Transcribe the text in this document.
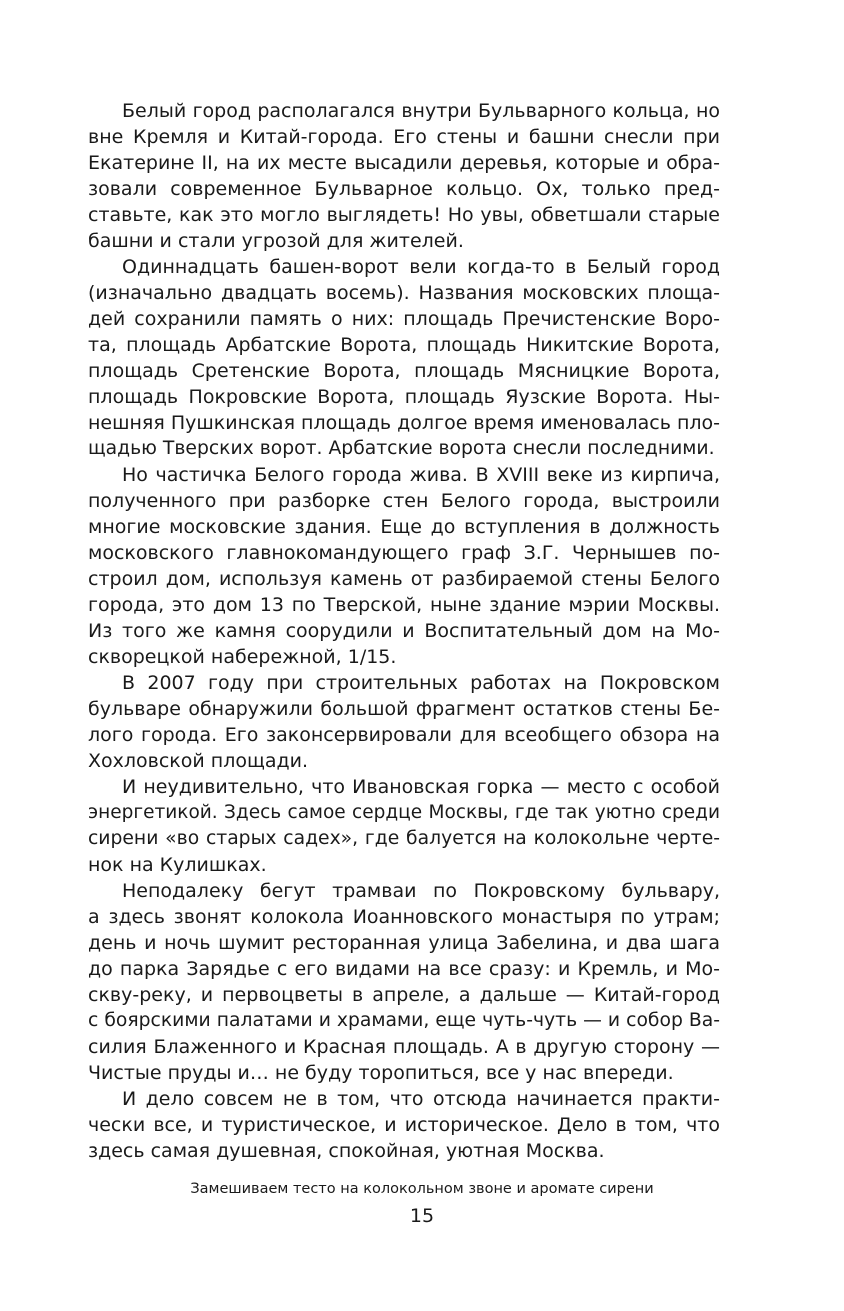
Белый город располагался внутри Бульварного кольца, но
вне Кремля и Китай-города. Его стены и башни снесли при
Екатерине II, на их месте высадили деревья, которые и обра-
зовали современное Бульварное кольцо. Ох, только пред-
ставьте, как это могло выглядеть! Но увы, обветшали старые
башни и стали угрозой для жителей.
Одиннадцать башен-ворот вели когда-то в Белый город
(изначально двадцать восемь). Названия московских площа-
дей сохранили память о них: площадь Пречистенские Воро-
та, площадь Арбатские Ворота, площадь Никитские Ворота,
площадь Сретенские Ворота, площадь Мясницкие Ворота,
площадь Покровские Ворота, площадь Яузские Ворота. Ны-
нешняя Пушкинская площадь долгое время именовалась пло-
щадью Тверских ворот. Арбатские ворота снесли последними.
Но частичка Белого города жива. В XVIII веке из кирпича,
полученного при разборке стен Белого города, выстроили
многие московские здания. Еще до вступления в должность
московского главнокомандующего граф З.Г. Чернышев по-
строил дом, используя камень от разбираемой стены Белого
города, это дом 13 по Тверской, ныне здание мэрии Москвы.
Из того же камня соорудили и Воспитательный дом на Мо-
скворецкой набережной, 1/15.
В 2007 году при строительных работах на Покровском
бульваре обнаружили большой фрагмент остатков стены Бе-
лого города. Его законсервировали для всеобщего обзора на
Хохловской площади.
И неудивительно, что Ивановская горка — место с особой
энергетикой. Здесь самое сердце Москвы, где так уютно среди
сирени «во старых садех», где балуется на колокольне черте-
нок на Кулишках.
Неподалеку бегут трамваи по Покровскому бульвару,
а здесь звонят колокола Иоанновского монастыря по утрам;
день и ночь шумит ресторанная улица Забелина, и два шага
до парка Зарядье с его видами на все сразу: и Кремль, и Мо-
скву-реку, и первоцветы в апреле, а дальше — Китай-город
с боярскими палатами и храмами, еще чуть-чуть — и собор Ва-
силия Блаженного и Красная площадь. А в другую сторону —
Чистые пруды и… не буду торопиться, все у нас впереди.
И дело совсем не в том, что отсюда начинается практи-
чески все, и туристическое, и историческое. Дело в том, что
здесь самая душевная, спокойная, уютная Москва.
Замешиваем тесто на колокольном звоне и аромате сирени
15
